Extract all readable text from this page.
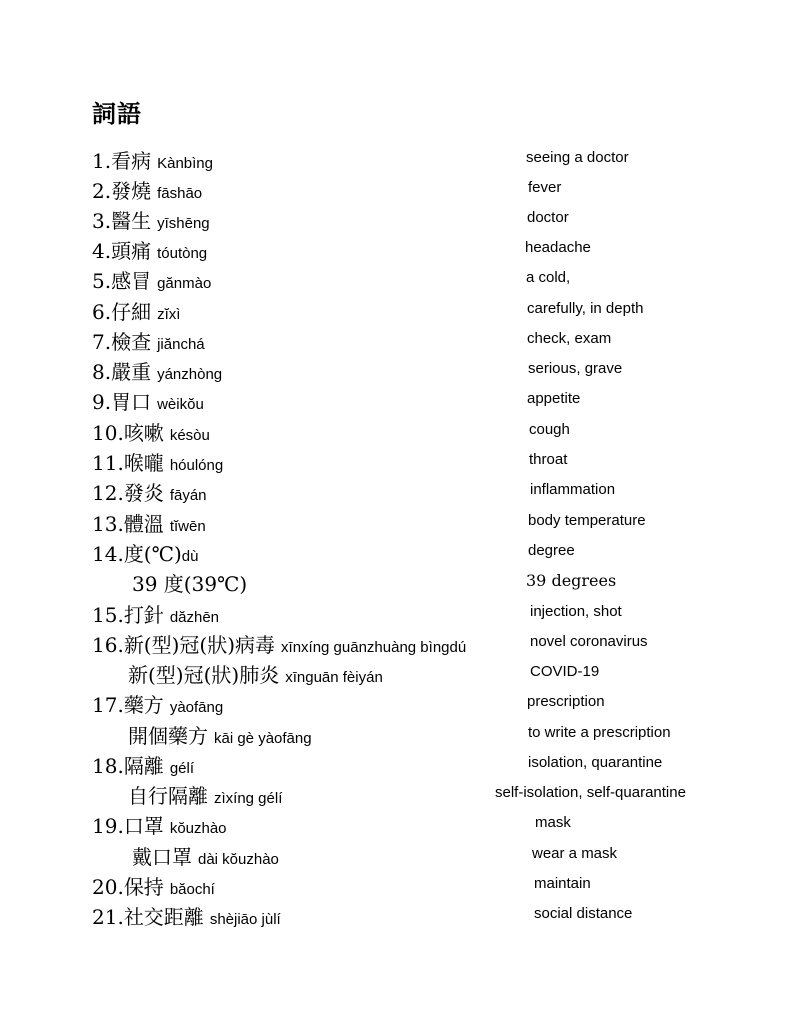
詞語
1.看病 Kànbìng	seeing a doctor
2.發燒 fāshāo	fever
3.醫生 yīshēng	doctor
4.頭痛 tóutòng	headache
5.感冒 gănmào	a cold,
6.仔細 zĭxì	carefully, in depth
7.檢查 jiănchá	check, exam
8.嚴重 yánzhòng	serious, grave
9.胃口 wèikŏu	appetite
10.咳嗽 késòu	cough
11.喉嚨 hóulóng	throat
12.發炎 fāyán	inflammation
13.體溫 tĭwēn	body temperature
14.度(℃)dù	degree
39 度(39℃)	39 degrees
15.打針 dăzhēn	injection, shot
16.新(型)冠(狀)病毒 xīnxíng guānzhuàng bìngdú	novel coronavirus
新(型)冠(狀)肺炎 xīnguān fèiyán	COVID-19
17.藥方 yàofāng	prescription
開個藥方 kāi gè yàofāng	to write a prescription
18.隔離 gélí	isolation, quarantine
自行隔離 zìxíng gélí	self-isolation, self-quarantine
19.口罩 kŏuzhào	mask
戴口罩 dài kŏuzhào	wear a mask
20.保持 băochí	maintain
21.社交距離 shèjiāo jùlí	social distance
